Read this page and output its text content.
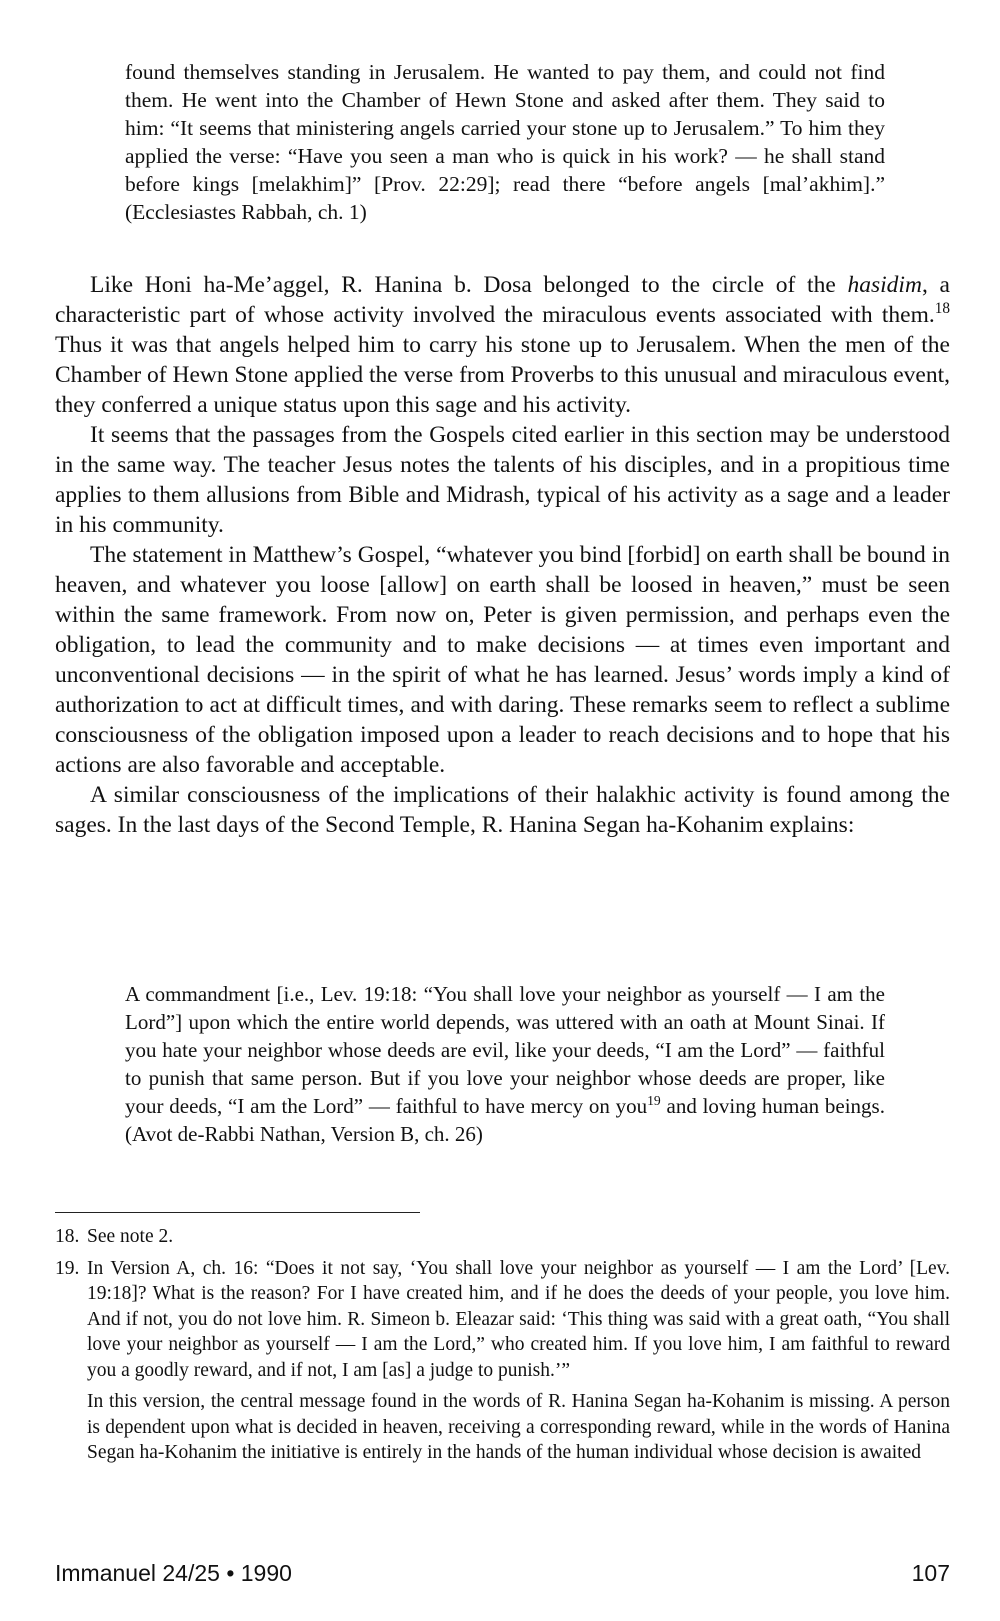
found themselves standing in Jerusalem. He wanted to pay them, and could not find them. He went into the Chamber of Hewn Stone and asked after them. They said to him: “It seems that ministering angels carried your stone up to Jerusalem.” To him they applied the verse: “Have you seen a man who is quick in his work? — he shall stand before kings [melakhim]” [Prov. 22:29]; read there “before angels [mal’akhim].” (Ecclesiastes Rabbah, ch. 1)

Like Honi ha-Me’aggel, R. Hanina b. Dosa belonged to the circle of the hasidim, a characteristic part of whose activity involved the miraculous events associated with them.$^{18}$ Thus it was that angels helped him to carry his stone up to Jerusalem. When the men of the Chamber of Hewn Stone applied the verse from Proverbs to this unusual and miraculous event, they conferred a unique status upon this sage and his activity.

It seems that the passages from the Gospels cited earlier in this section may be understood in the same way. The teacher Jesus notes the talents of his disciples, and in a propitious time applies to them allusions from Bible and Midrash, typical of his activity as a sage and a leader in his community.

The statement in Matthew’s Gospel, “whatever you bind [forbid] on earth shall be bound in heaven, and whatever you loose [allow] on earth shall be loosed in heaven,” must be seen within the same framework. From now on, Peter is given permission, and perhaps even the obligation, to lead the community and to make decisions — at times even important and unconventional decisions — in the spirit of what he has learned. Jesus’ words imply a kind of authorization to act at difficult times, and with daring. These remarks seem to reflect a sublime consciousness of the obligation imposed upon a leader to reach decisions and to hope that his actions are also favorable and acceptable.

A similar consciousness of the implications of their halakhic activity is found among the sages. In the last days of the Second Temple, R. Hanina Segan ha-Kohanim explains:

A commandment [i.e., Lev. 19:18: “You shall love your neighbor as yourself — I am the Lord”] upon which the entire world depends, was uttered with an oath at Mount Sinai. If you hate your neighbor whose deeds are evil, like your deeds, “I am the Lord” — faithful to punish that same person. But if you love your neighbor whose deeds are proper, like your deeds, “I am the Lord” — faithful to have mercy on you$^{19}$ and loving human beings. (Avot de-Rabbi Nathan, Version B, ch. 26)

18. See note 2.
19. In Version A, ch. 16: “Does it not say, ‘You shall love your neighbor as yourself — I am the Lord’ [Lev. 19:18]? What is the reason? For I have created him, and if he does the deeds of your people, you love him. And if not, you do not love him. R. Simeon b. Eleazar said: ‘This thing was said with a great oath, “You shall love your neighbor as yourself — I am the Lord,” who created him. If you love him, I am faithful to reward you a goodly reward, and if not, I am [as] a judge to punish.’”

In this version, the central message found in the words of R. Hanina Segan ha-Kohanim is missing. A person is dependent upon what is decided in heaven, receiving a corresponding reward, while in the words of Hanina Segan ha-Kohanim the initiative is entirely in the hands of the human individual whose decision is awaited

Immanuel 24/25 • 1990	107
